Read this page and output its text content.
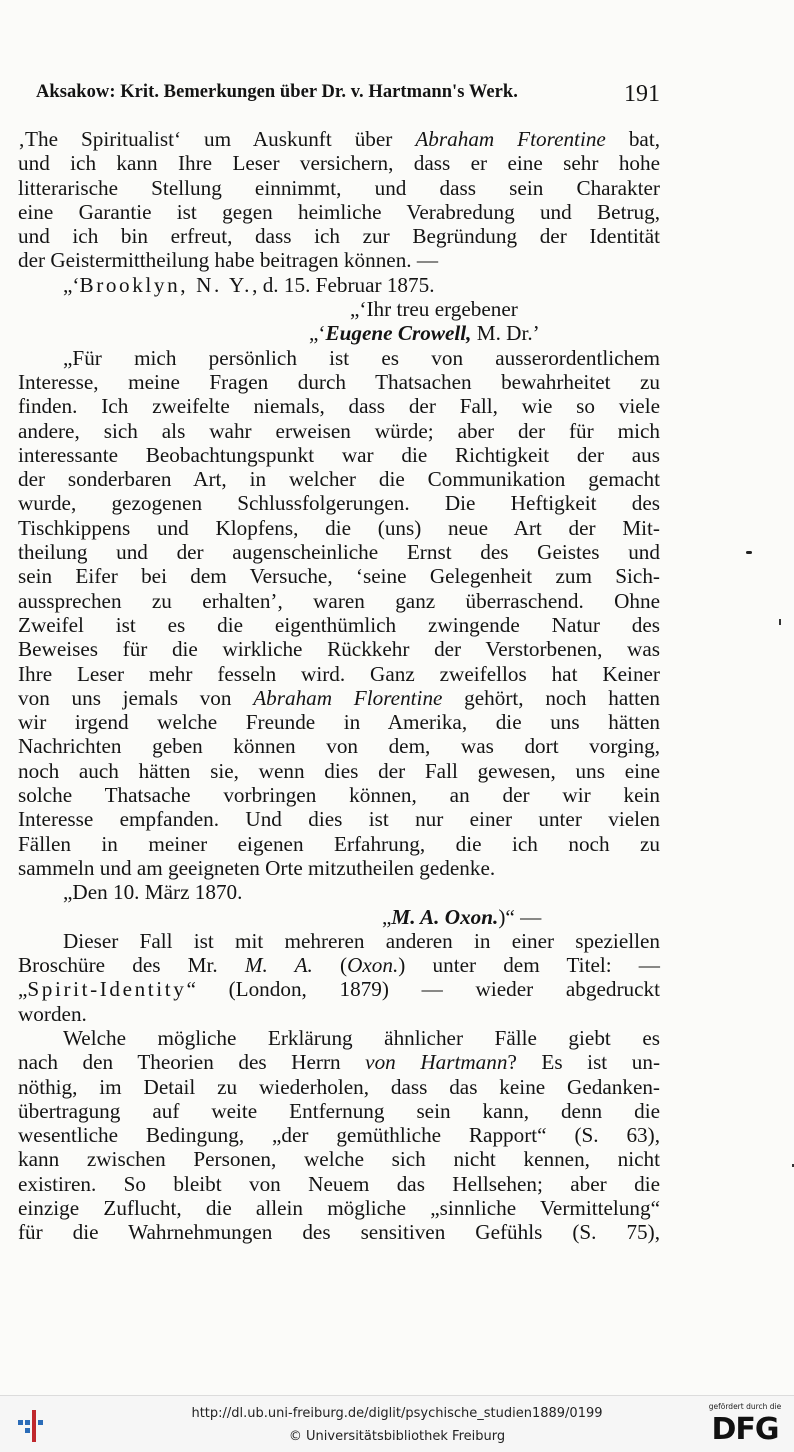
Aksakow: Krit. Bemerkungen über Dr. v. Hartmann's Werk.	191
‚The Spiritualist‘ um Auskunft über Abraham Ftorentine bat,
und ich kann Ihre Leser versichern, dass er eine sehr hohe
litterarische Stellung einnimmt, und dass sein Charakter
eine Garantie ist gegen heimliche Verabredung und Betrug,
und ich bin erfreut, dass ich zur Begründung der Identität
der Geistermittheilung habe beitragen können. —
„‘Brooklyn, N. Y., d. 15. Februar 1875.
„‘Ihr treu ergebener
„‘Eugene Crowell, M. Dr.’
„Für mich persönlich ist es von ausserordentlichem
Interesse, meine Fragen durch Thatsachen bewahrheitet zu
finden. Ich zweifelte niemals, dass der Fall, wie so viele
andere, sich als wahr erweisen würde; aber der für mich
interessante Beobachtungspunkt war die Richtigkeit der aus
der sonderbaren Art, in welcher die Communikation gemacht
wurde, gezogenen Schlussfolgerungen. Die Heftigkeit des
Tischkippens und Klopfens, die (uns) neue Art der Mit-
theilung und der augenscheinliche Ernst des Geistes und
sein Eifer bei dem Versuche, ‘seine Gelegenheit zum Sich-
aussprechen zu erhalten’, waren ganz überraschend. Ohne
Zweifel ist es die eigenthümlich zwingende Natur des
Beweises für die wirkliche Rückkehr der Verstorbenen, was
Ihre Leser mehr fesseln wird. Ganz zweifellos hat Keiner
von uns jemals von Abraham Florentine gehört, noch hatten
wir irgend welche Freunde in Amerika, die uns hätten
Nachrichten geben können von dem, was dort vorging,
noch auch hätten sie, wenn dies der Fall gewesen, uns eine
solche Thatsache vorbringen können, an der wir kein
Interesse empfanden. Und dies ist nur einer unter vielen
Fällen in meiner eigenen Erfahrung, die ich noch zu
sammeln und am geeigneten Orte mitzutheilen gedenke.
„Den 10. März 1870.
„M. A. Oxon.)“ —
Dieser Fall ist mit mehreren anderen in einer speziellen
Broschüre des Mr. M. A. (Oxon.) unter dem Titel: —
„Spirit-Identity“ (London, 1879) — wieder abgedruckt
worden.
Welche mögliche Erklärung ähnlicher Fälle giebt es
nach den Theorien des Herrn von Hartmann? Es ist un-
nöthig, im Detail zu wiederholen, dass das keine Gedanken-
übertragung auf weite Entfernung sein kann, denn die
wesentliche Bedingung, „der gemüthliche Rapport“ (S. 63),
kann zwischen Personen, welche sich nicht kennen, nicht
existiren. So bleibt von Neuem das Hellsehen; aber die
einzige Zuflucht, die allein mögliche „sinnliche Vermittelung“
für die Wahrnehmungen des sensitiven Gefühls (S. 75),
http://dl.ub.uni-freiburg.de/diglit/psychische_studien1889/0199
© Universitätsbibliothek Freiburg
gefördert durch die
DFG
